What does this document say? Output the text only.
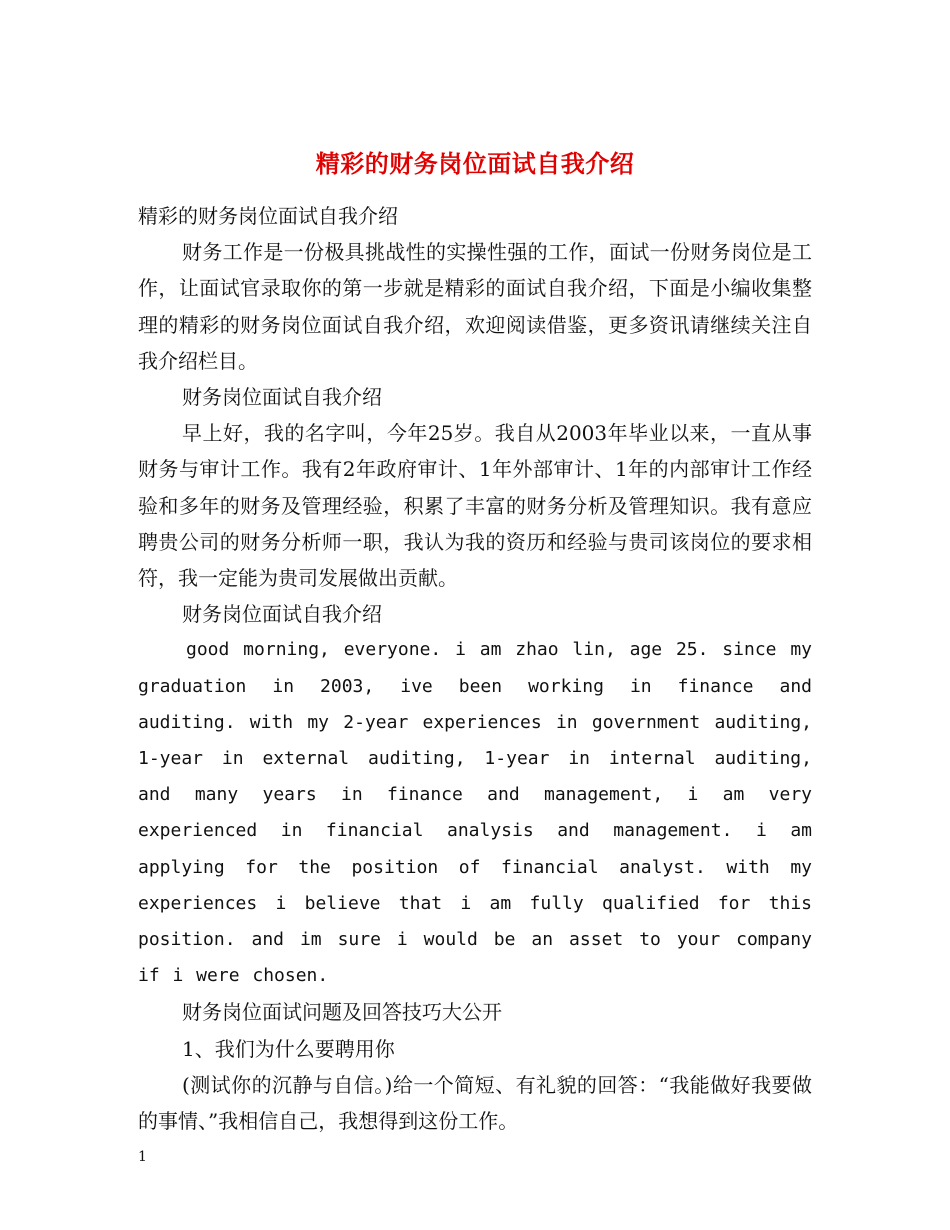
精彩的财务岗位面试自我介绍

精彩的财务岗位面试自我介绍

财务工作是一份极具挑战性的实操性强的工作，面试一份财务岗位是工作，让面试官录取你的第一步就是精彩的面试自我介绍，下面是小编收集整理的精彩的财务岗位面试自我介绍，欢迎阅读借鉴，更多资讯请继续关注自我介绍栏目。

财务岗位面试自我介绍

早上好，我的名字叫，今年25岁。我自从2003年毕业以来，一直从事财务与审计工作。我有2年政府审计、1年外部审计、1年的内部审计工作经验和多年的财务及管理经验，积累了丰富的财务分析及管理知识。我有意应聘贵公司的财务分析师一职，我认为我的资历和经验与贵司该岗位的要求相符，我一定能为贵司发展做出贡献。

财务岗位面试自我介绍

good morning, everyone. i am zhao lin, age 25. since my graduation in 2003, ive been working in finance and auditing. with my 2-year experiences in government auditing, 1-year in external auditing, 1-year in internal auditing, and many years in finance and management, i am very experienced in financial analysis and management. i am applying for the position of financial analyst. with my experiences i believe that i am fully qualified for this position. and im sure i would be an asset to your company if i were chosen.

财务岗位面试问题及回答技巧大公开

1、我们为什么要聘用你

(测试你的沉静与自信。)给一个简短、有礼貌的回答：“我能做好我要做的事情、”我相信自己，我想得到这份工作。

1
